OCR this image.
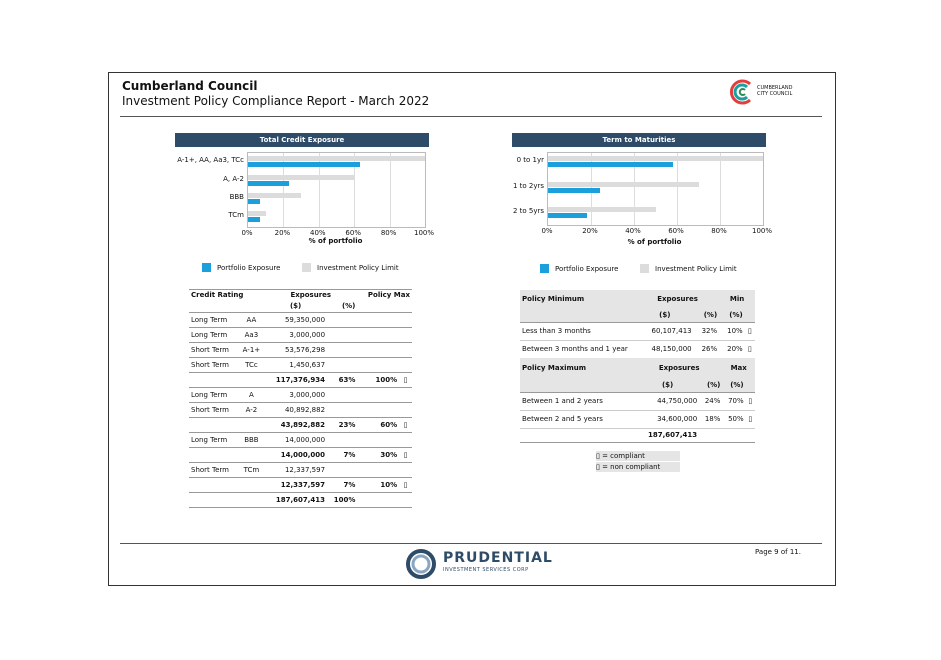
Cumberland Council
Investment Policy Compliance Report - March 2022
CUMBERLAND
CITY COUNCIL
Total Credit Exposure
% of portfolio
Portfolio Exposure	Investment Policy Limit
Term to Maturities
% of portfolio
Portfolio Exposure	Investment Policy Limit
Credit Rating		Exposures		Policy Max	
		($)	(%)		
Long Term	AA	59,350,000			
Long Term	Aa3	3,000,000			
Short Term	A-1+	53,576,298			
Short Term	TCc	1,450,637			
		117,376,934	63%	100%	▯
Long Term	A	3,000,000			
Short Term	A-2	40,892,882			
		43,892,882	23%	60%	▯
Long Term	BBB	14,000,000			
		14,000,000	7%	30%	▯
Short Term	TCm	12,337,597			
		12,337,597	7%	10%	▯
		187,607,413	100%		
Policy Minimum	Exposures		Min	
	($)	(%)	(%)	
Less than 3 months	60,107,413	32%	10%	▯
Between 3 months and 1 year	48,150,000	26%	20%	▯
Policy Maximum	Exposures		Max	
	($)	(%)	(%)	
Between 1 and 2 years	44,750,000	24%	70%	▯
Between 2 and 5 years	34,600,000	18%	50%	▯
	187,607,413			
▯ = compliant
▯ = non compliant
Page 9 of 11.
PRUDENTIAL
INVESTMENT SERVICES CORP
A-1+, AA, Aa3, TCc
A, A-2
BBB
TCm
0%	20%	40%	60%	80%	100%
0 to 1yr
1 to 2yrs
2 to 5yrs
0%	20%	40%	60%	80%	100%
